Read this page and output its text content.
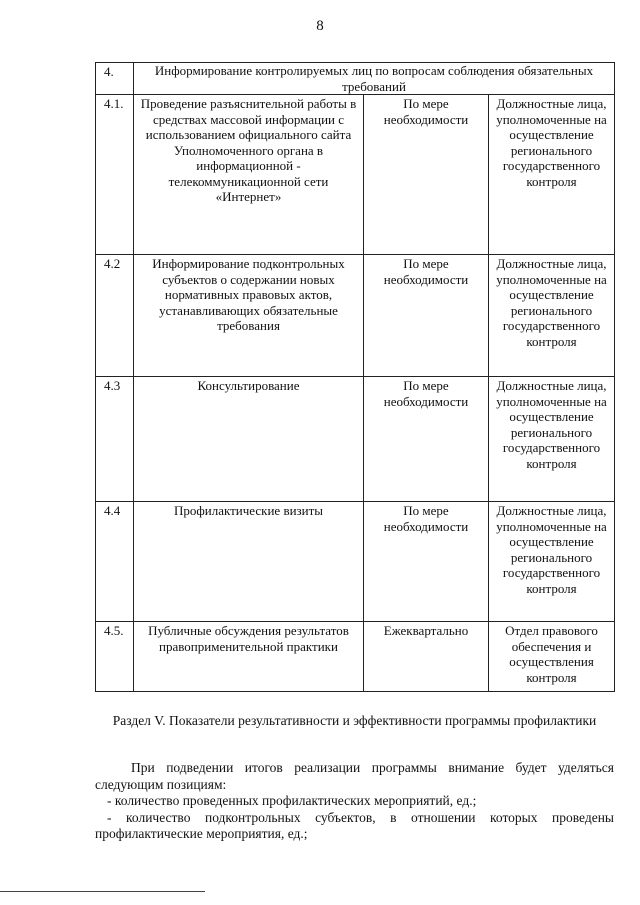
8
4.	Информирование контролируемых лиц по вопросам соблюдения обязательных требований		
4.1.	Проведение разъяснительной работы в средствах массовой информации с использованием официального сайта Уполномоченного органа в информационной - телекоммуникационной сети «Интернет»	По мере необходимости	Должностные лица, уполномоченные на осуществление регионального государственного контроля
4.2	Информирование подконтрольных субъектов о содержании новых нормативных правовых актов, устанавливающих обязательные требования	По мере необходимости	Должностные лица, уполномоченные на осуществление регионального государственного контроля
4.3	Консультирование	По мере необходимости	Должностные лица, уполномоченные на осуществление регионального государственного контроля
4.4	Профилактические визиты	По мере необходимости	Должностные лица, уполномоченные на осуществление регионального государственного контроля
4.5.	Публичные обсуждения результатов правоприменительной практики	Ежеквартально	Отдел правового обеспечения и осуществления контроля
Раздел V. Показатели результативности и эффективности программы профилактики

При подведении итогов реализации программы внимание будет уделяться следующим позициям:

- количество проведенных профилактических мероприятий, ед.;

- количество подконтрольных субъектов, в отношении которых проведены профилактические мероприятия, ед.;
